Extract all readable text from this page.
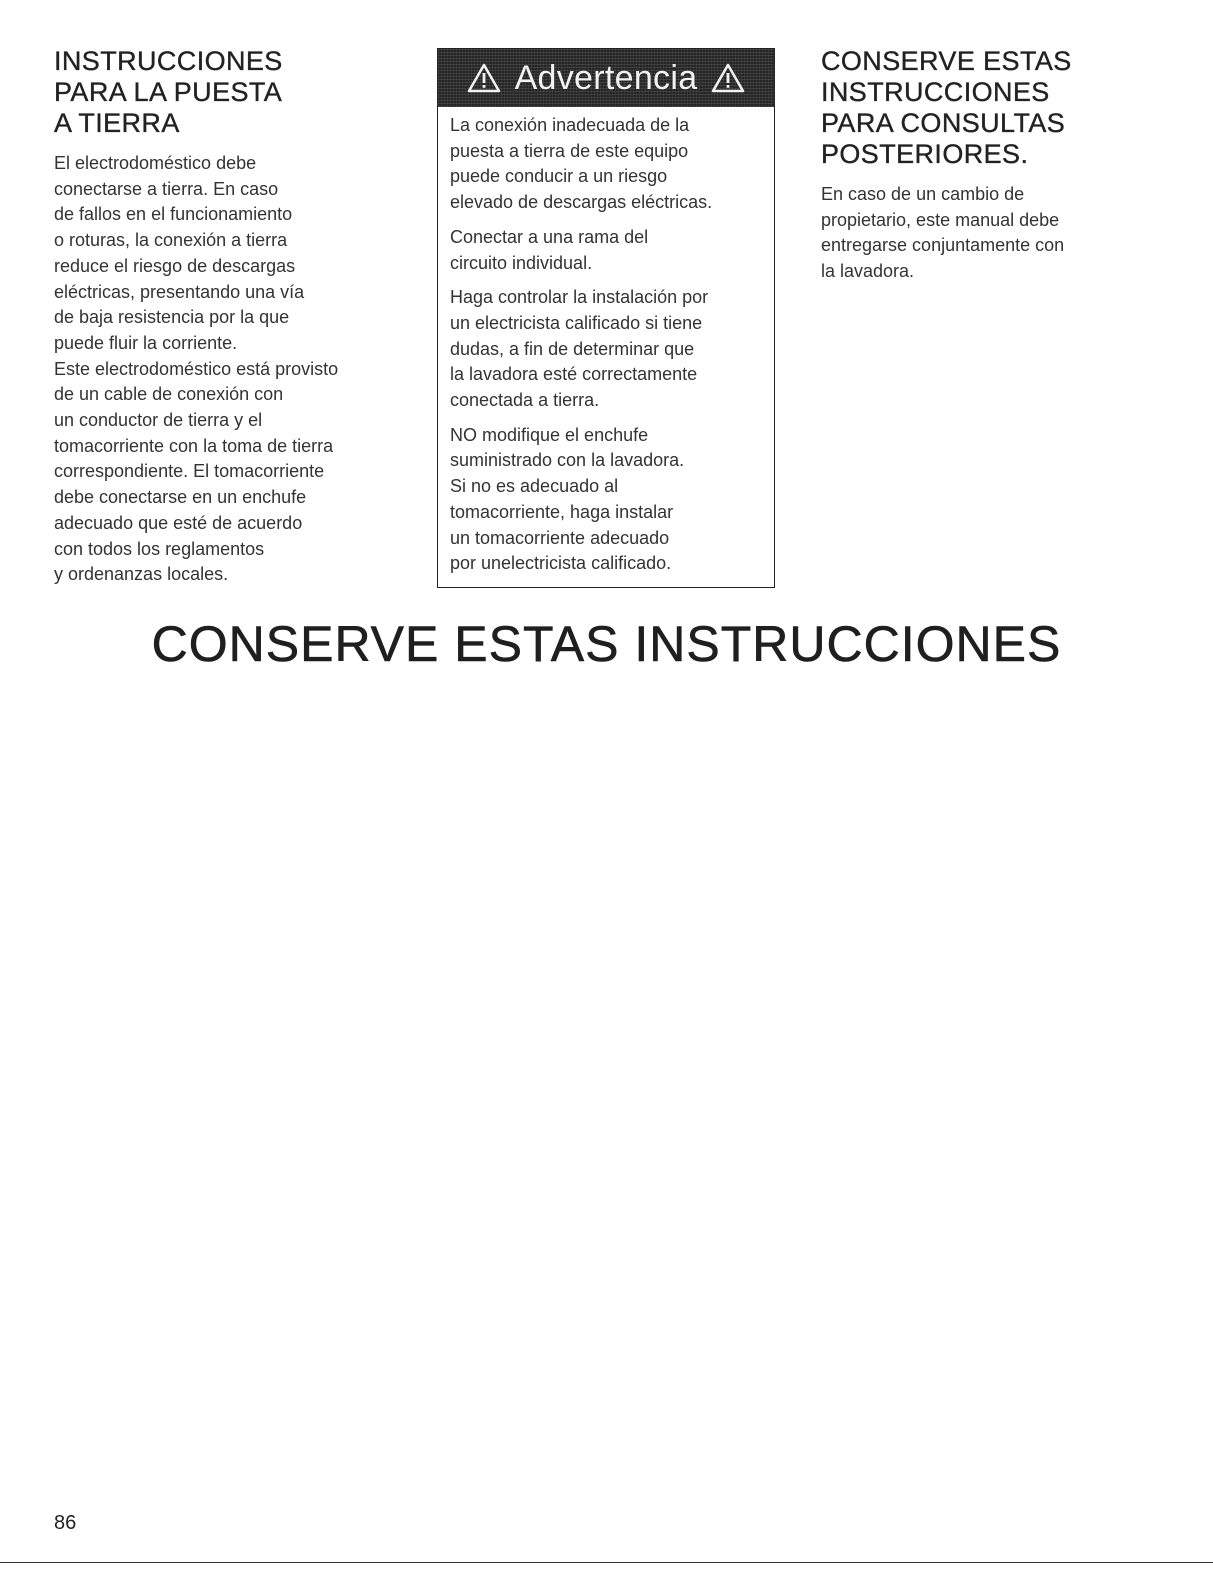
INSTRUCCIONES
PARA LA PUESTA
A TIERRA
El electrodoméstico debe
conectarse a tierra. En caso
de fallos en el funcionamiento
o roturas, la conexión a tierra
reduce el riesgo de descargas
eléctricas, presentando una vía
de baja resistencia por la que
puede fluir la corriente.
Este electrodoméstico está provisto
de un cable de conexión con
un conductor de tierra y el
tomacorriente con la toma de tierra
correspondiente. El tomacorriente
debe conectarse en un enchufe
adecuado que esté de acuerdo
con todos los reglamentos
y ordenanzas locales.
Advertencia
La conexión inadecuada de la
puesta a tierra de este equipo
puede conducir a un riesgo
elevado de descargas eléctricas.
Conectar a una rama del
circuito individual.
Haga controlar la instalación por
un electricista calificado si tiene
dudas, a fin de determinar que
la lavadora esté correctamente
conectada a tierra.
NO modifique el enchufe
suministrado con la lavadora.
Si no es adecuado al
tomacorriente, haga instalar
un tomacorriente adecuado
por unelectricista calificado.
CONSERVE ESTAS
INSTRUCCIONES
PARA CONSULTAS
POSTERIORES.
En caso de un cambio de
propietario, este manual debe
entregarse conjuntamente con
la lavadora.
CONSERVE ESTAS INSTRUCCIONES
86
